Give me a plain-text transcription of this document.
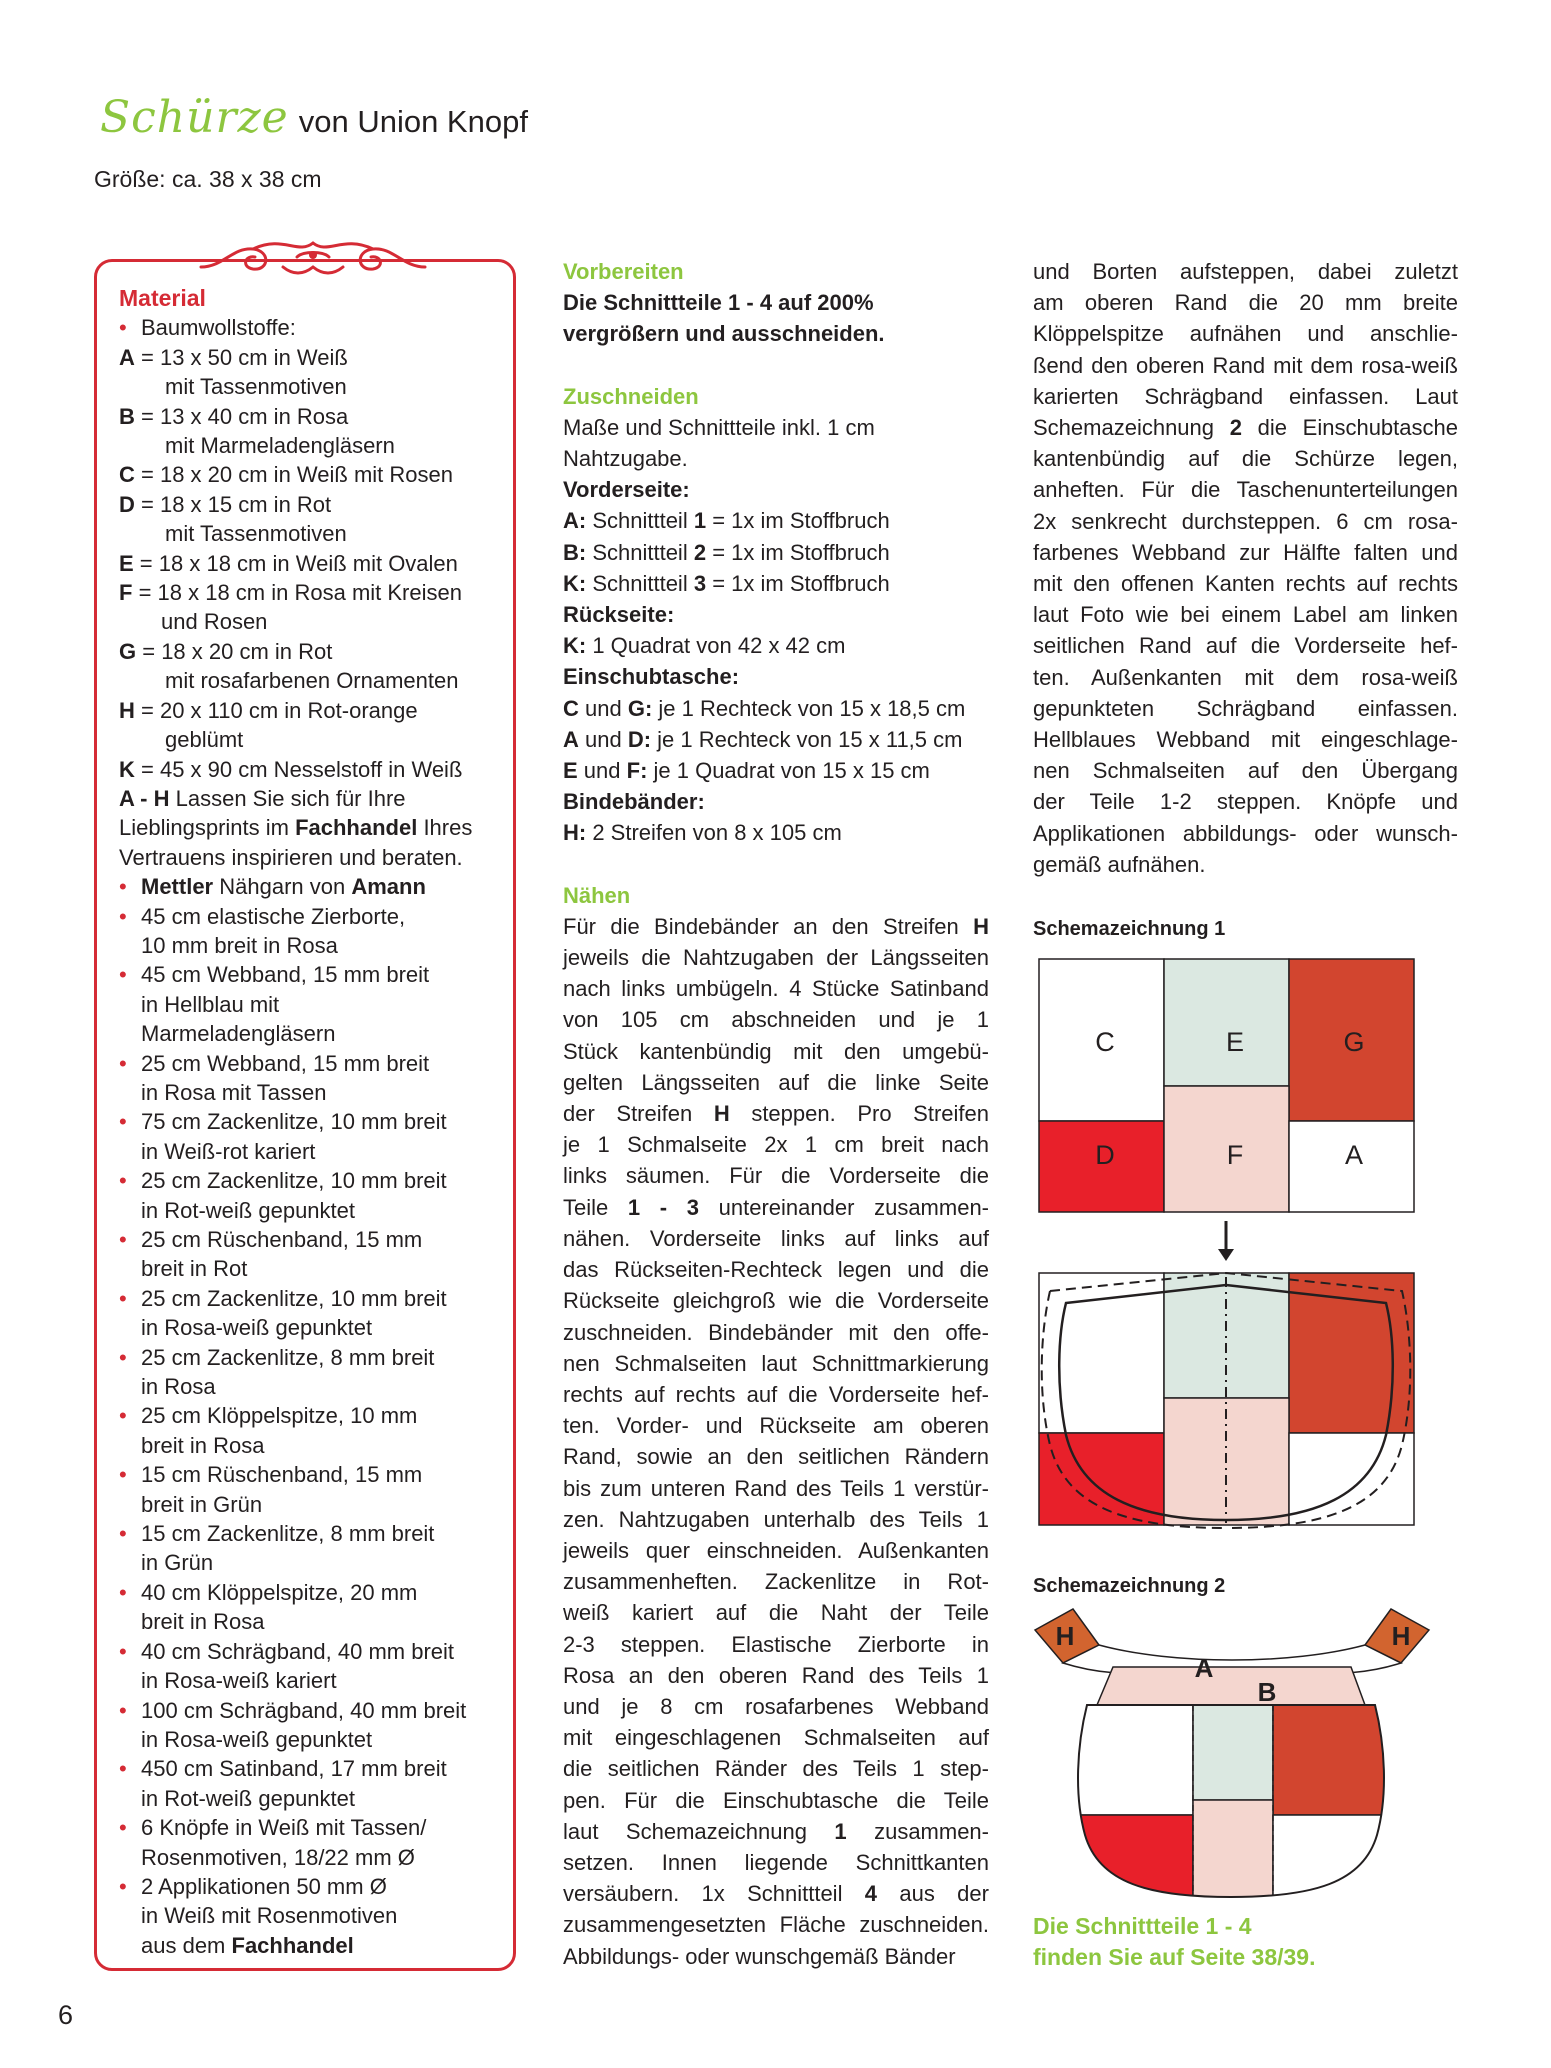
Schürze von Union Knopf
Größe: ca. 38 x 38 cm
Material
• Baumwollstoffe:
A = 13 x 50 cm in Weiß
mit Tassenmotiven
B = 13 x 40 cm in Rosa
mit Marmeladengläsern
C = 18 x 20 cm in Weiß mit Rosen
D = 18 x 15 cm in Rot
mit Tassenmotiven
E = 18 x 18 cm in Weiß mit Ovalen
F = 18 x 18 cm in Rosa mit Kreisen
und Rosen
G = 18 x 20 cm in Rot
mit rosafarbenen Ornamenten
H = 20 x 110 cm in Rot-orange
geblümt
K = 45 x 90 cm Nesselstoff in Weiß
A - H Lassen Sie sich für Ihre
Lieblingsprints im Fachhandel Ihres
Vertrauens inspirieren und beraten.
• Mettler Nähgarn von Amann
• 45 cm elastische Zierborte,
10 mm breit in Rosa
• 45 cm Webband, 15 mm breit
in Hellblau mit
Marmeladengläsern
• 25 cm Webband, 15 mm breit
in Rosa mit Tassen
• 75 cm Zackenlitze, 10 mm breit
in Weiß-rot kariert
• 25 cm Zackenlitze, 10 mm breit
in Rot-weiß gepunktet
• 25 cm Rüschenband, 15 mm
breit in Rot
• 25 cm Zackenlitze, 10 mm breit
in Rosa-weiß gepunktet
• 25 cm Zackenlitze, 8 mm breit
in Rosa
• 25 cm Klöppelspitze, 10 mm
breit in Rosa
• 15 cm Rüschenband, 15 mm
breit in Grün
• 15 cm Zackenlitze, 8 mm breit
in Grün
• 40 cm Klöppelspitze, 20 mm
breit in Rosa
• 40 cm Schrägband, 40 mm breit
in Rosa-weiß kariert
• 100 cm Schrägband, 40 mm breit
in Rosa-weiß gepunktet
• 450 cm Satinband, 17 mm breit
in Rot-weiß gepunktet
• 6 Knöpfe in Weiß mit Tassen/
Rosenmotiven, 18/22 mm Ø
• 2 Applikationen 50 mm Ø
in Weiß mit Rosenmotiven
aus dem Fachhandel
Vorbereiten
Die Schnittteile 1 - 4 auf 200%
vergrößern und ausschneiden.
Zuschneiden
Maße und Schnittteile inkl. 1 cm
Nahtzugabe.
Vorderseite:
A: Schnittteil 1 = 1x im Stoffbruch
B: Schnittteil 2 = 1x im Stoffbruch
K: Schnittteil 3 = 1x im Stoffbruch
Rückseite:
K: 1 Quadrat von 42 x 42 cm
Einschubtasche:
C und G: je 1 Rechteck von 15 x 18,5 cm
A und D: je 1 Rechteck von 15 x 11,5 cm
E und F: je 1 Quadrat von 15 x 15 cm
Bindebänder:
H: 2 Streifen von 8 x 105 cm
Nähen

Für die Bindebänder an den Streifen H

jeweils die Nahtzugaben der Längsseiten

nach links umbügeln. 4 Stücke Satinband

von 105 cm abschneiden und je 1

Stück kantenbündig mit den umgebü-

gelten Längsseiten auf die linke Seite

der Streifen H steppen. Pro Streifen

je 1 Schmalseite 2x 1 cm breit nach

links säumen. Für die Vorderseite die

Teile 1 - 3 untereinander zusammen-

nähen. Vorderseite links auf links auf

das Rückseiten-Rechteck legen und die

Rückseite gleichgroß wie die Vorderseite

zuschneiden. Bindebänder mit den offe-

nen Schmalseiten laut Schnittmarkierung

rechts auf rechts auf die Vorderseite hef-

ten. Vorder- und Rückseite am oberen

Rand, sowie an den seitlichen Rändern

bis zum unteren Rand des Teils 1 verstür-

zen. Nahtzugaben unterhalb des Teils 1

jeweils quer einschneiden. Außenkanten

zusammenheften. Zackenlitze in Rot-

weiß kariert auf die Naht der Teile

2-3 steppen. Elastische Zierborte in

Rosa an den oberen Rand des Teils 1

und je 8 cm rosafarbenes Webband

mit eingeschlagenen Schmalseiten auf

die seitlichen Ränder des Teils 1 step-

pen. Für die Einschubtasche die Teile

laut Schemazeichnung 1 zusammen-

setzen. Innen liegende Schnittkanten

versäubern. 1x Schnittteil 4 aus der

zusammengesetzten Fläche zuschneiden.

Abbildungs- oder wunschgemäß Bänder

und Borten aufsteppen, dabei zuletzt

am oberen Rand die 20 mm breite

Klöppelspitze aufnähen und anschlie-

ßend den oberen Rand mit dem rosa-weiß

karierten Schrägband einfassen. Laut

Schemazeichnung 2 die Einschubtasche

kantenbündig auf die Schürze legen,

anheften. Für die Taschenunterteilungen

2x senkrecht durchsteppen. 6 cm rosa-

farbenes Webband zur Hälfte falten und

mit den offenen Kanten rechts auf rechts

laut Foto wie bei einem Label am linken

seitlichen Rand auf die Vorderseite hef-

ten. Außenkanten mit dem rosa-weiß

gepunkteten Schrägband einfassen.

Hellblaues Webband mit eingeschlage-

nen Schmalseiten auf den Übergang

der Teile 1-2 steppen. Knöpfe und

Applikationen abbildungs- oder wunsch-

gemäß aufnähen.

Schemazeichnung 1
C	E	G
D	F	A
Schemazeichnung 2
H	H
A
B
Die Schnittteile 1 - 4
finden Sie auf Seite 38/39.
6
